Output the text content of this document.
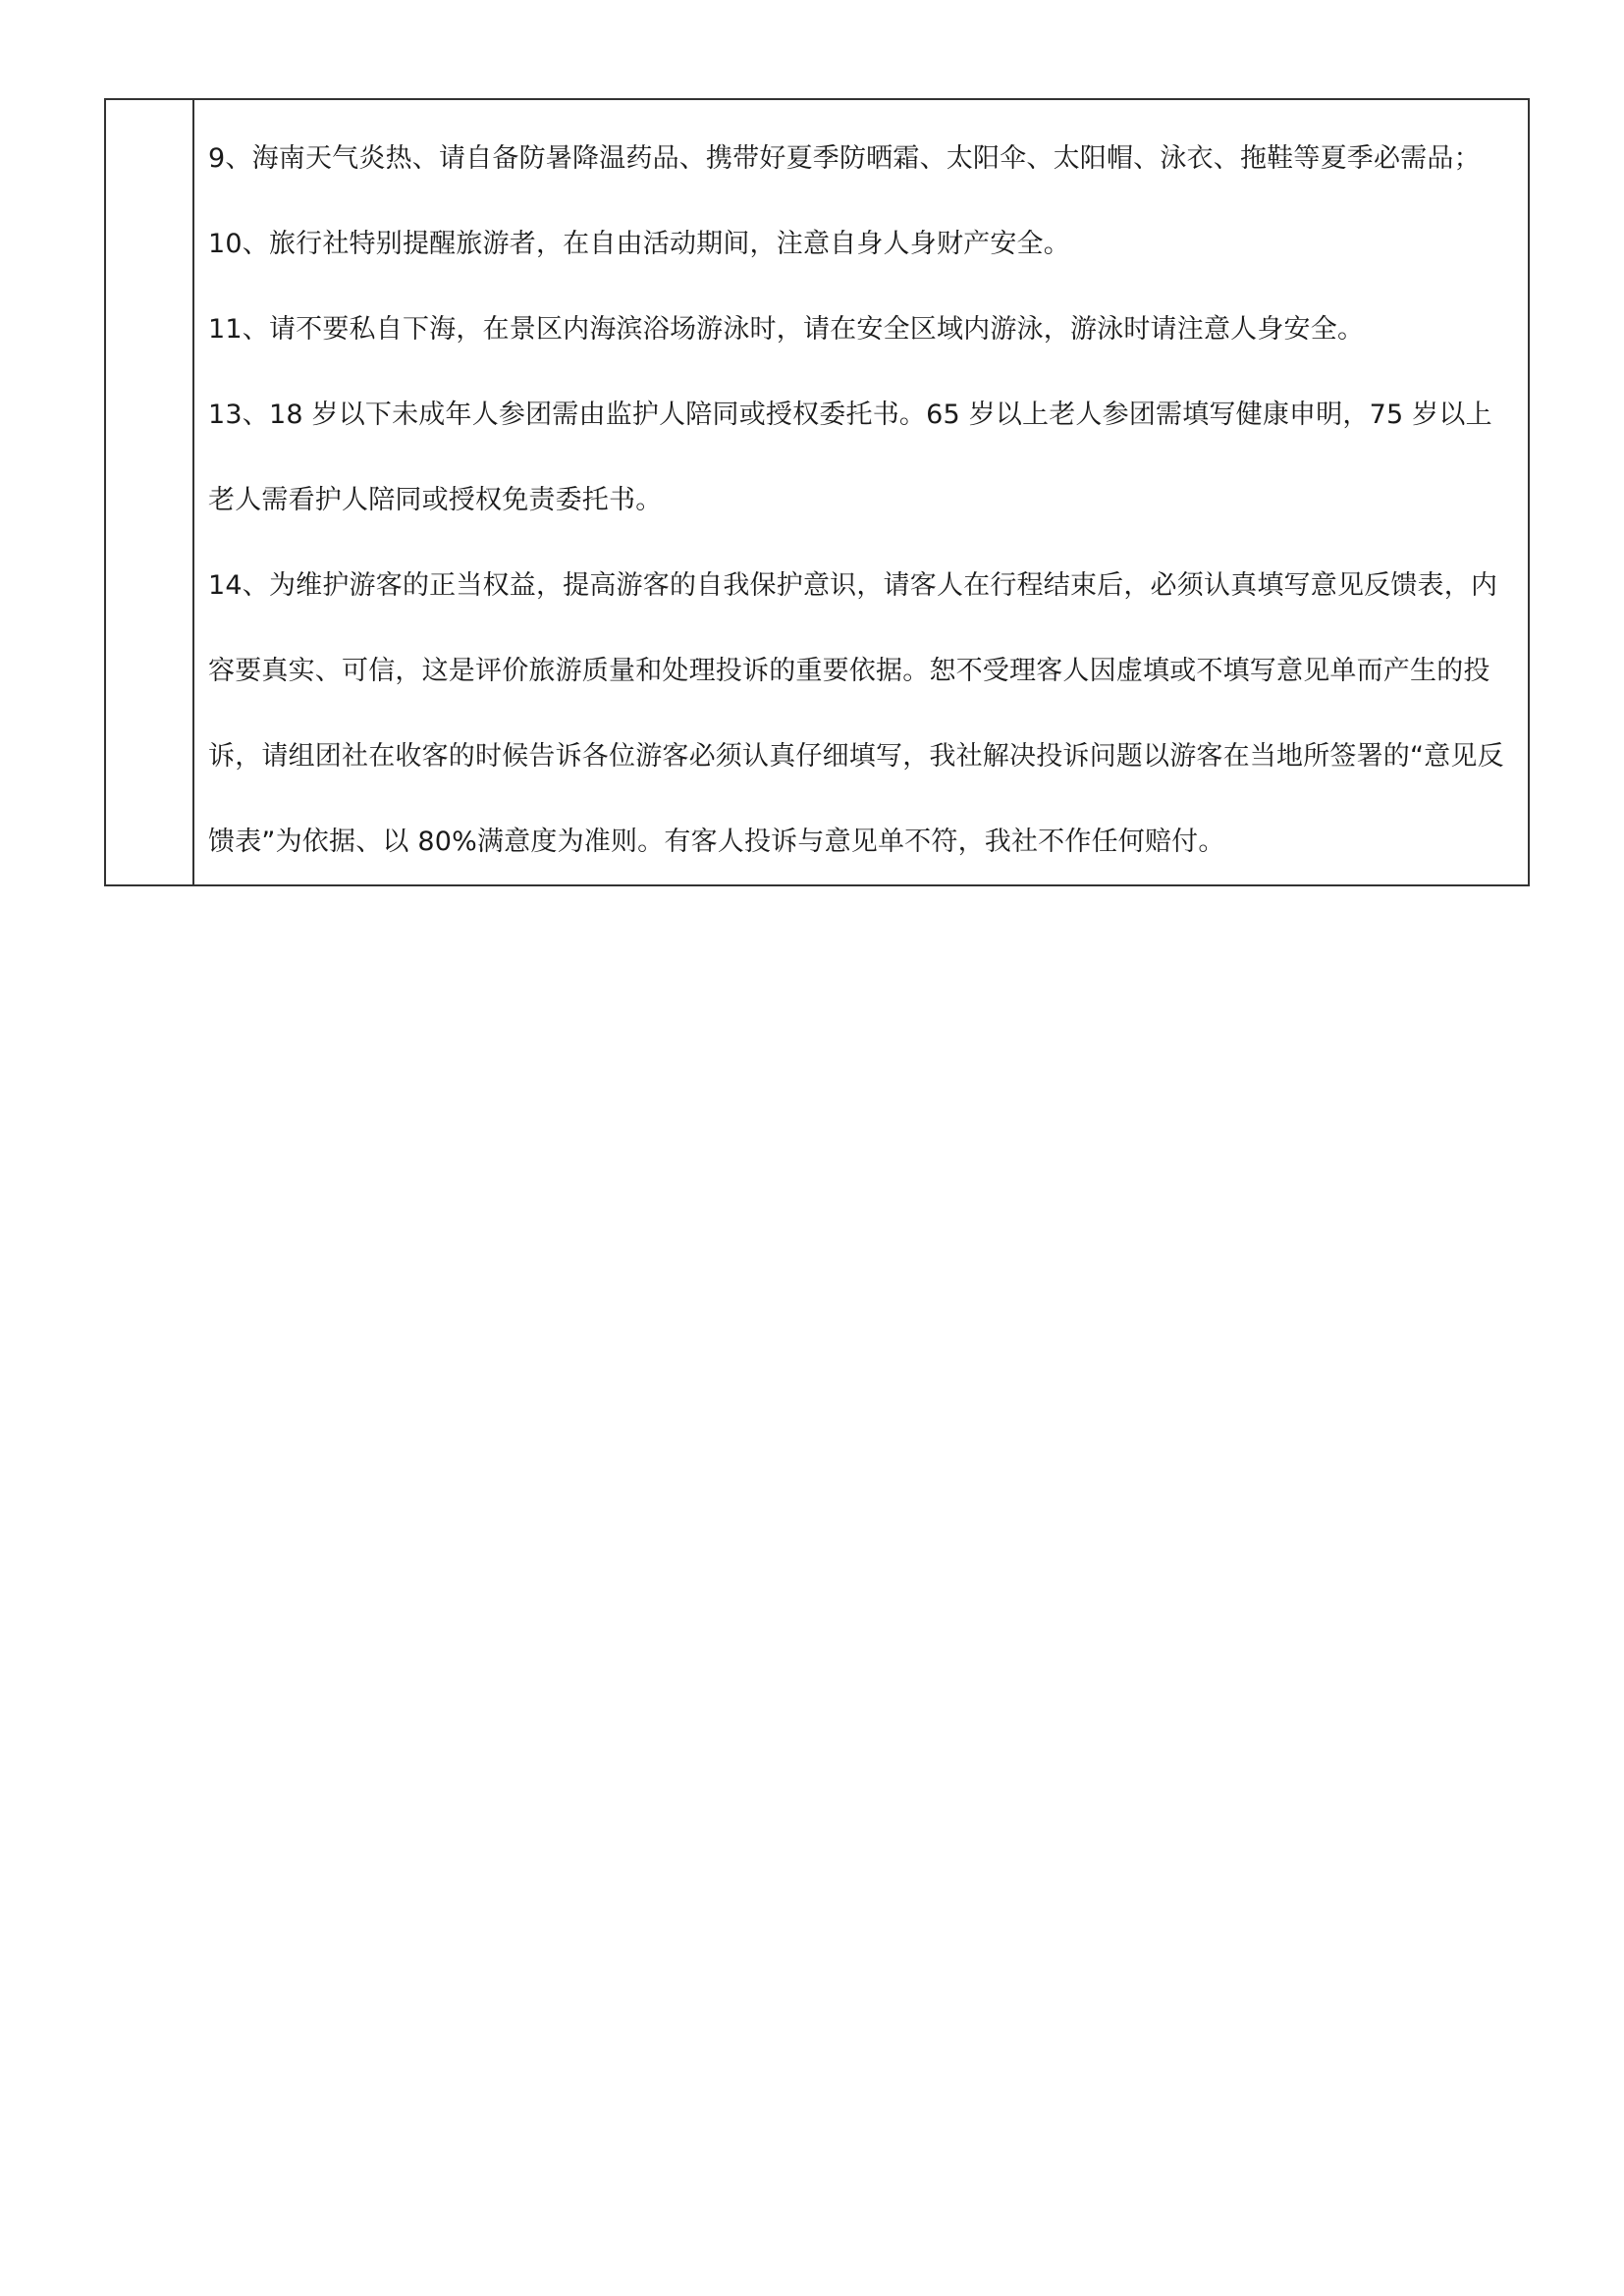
9、海南天气炎热、请自备防暑降温药品、携带好夏季防晒霜、太阳伞、太阳帽、泳衣、拖鞋等夏季必需品；

10、旅行社特别提醒旅游者，在自由活动期间，注意自身人身财产安全。

11、请不要私自下海，在景区内海滨浴场游泳时，请在安全区域内游泳，游泳时请注意人身安全。

13、18 岁以下未成年人参团需由监护人陪同或授权委托书。65 岁以上老人参团需填写健康申明，75 岁以上老人需看护人陪同或授权免责委托书。

14、为维护游客的正当权益，提高游客的自我保护意识，请客人在行程结束后，必须认真填写意见反馈表，内容要真实、可信，这是评价旅游质量和处理投诉的重要依据。恕不受理客人因虚填或不填写意见单而产生的投诉，请组团社在收客的时候告诉各位游客必须认真仔细填写，我社解决投诉问题以游客在当地所签署的“意见反馈表”为依据、以 80%满意度为准则。有客人投诉与意见单不符，我社不作任何赔付。
